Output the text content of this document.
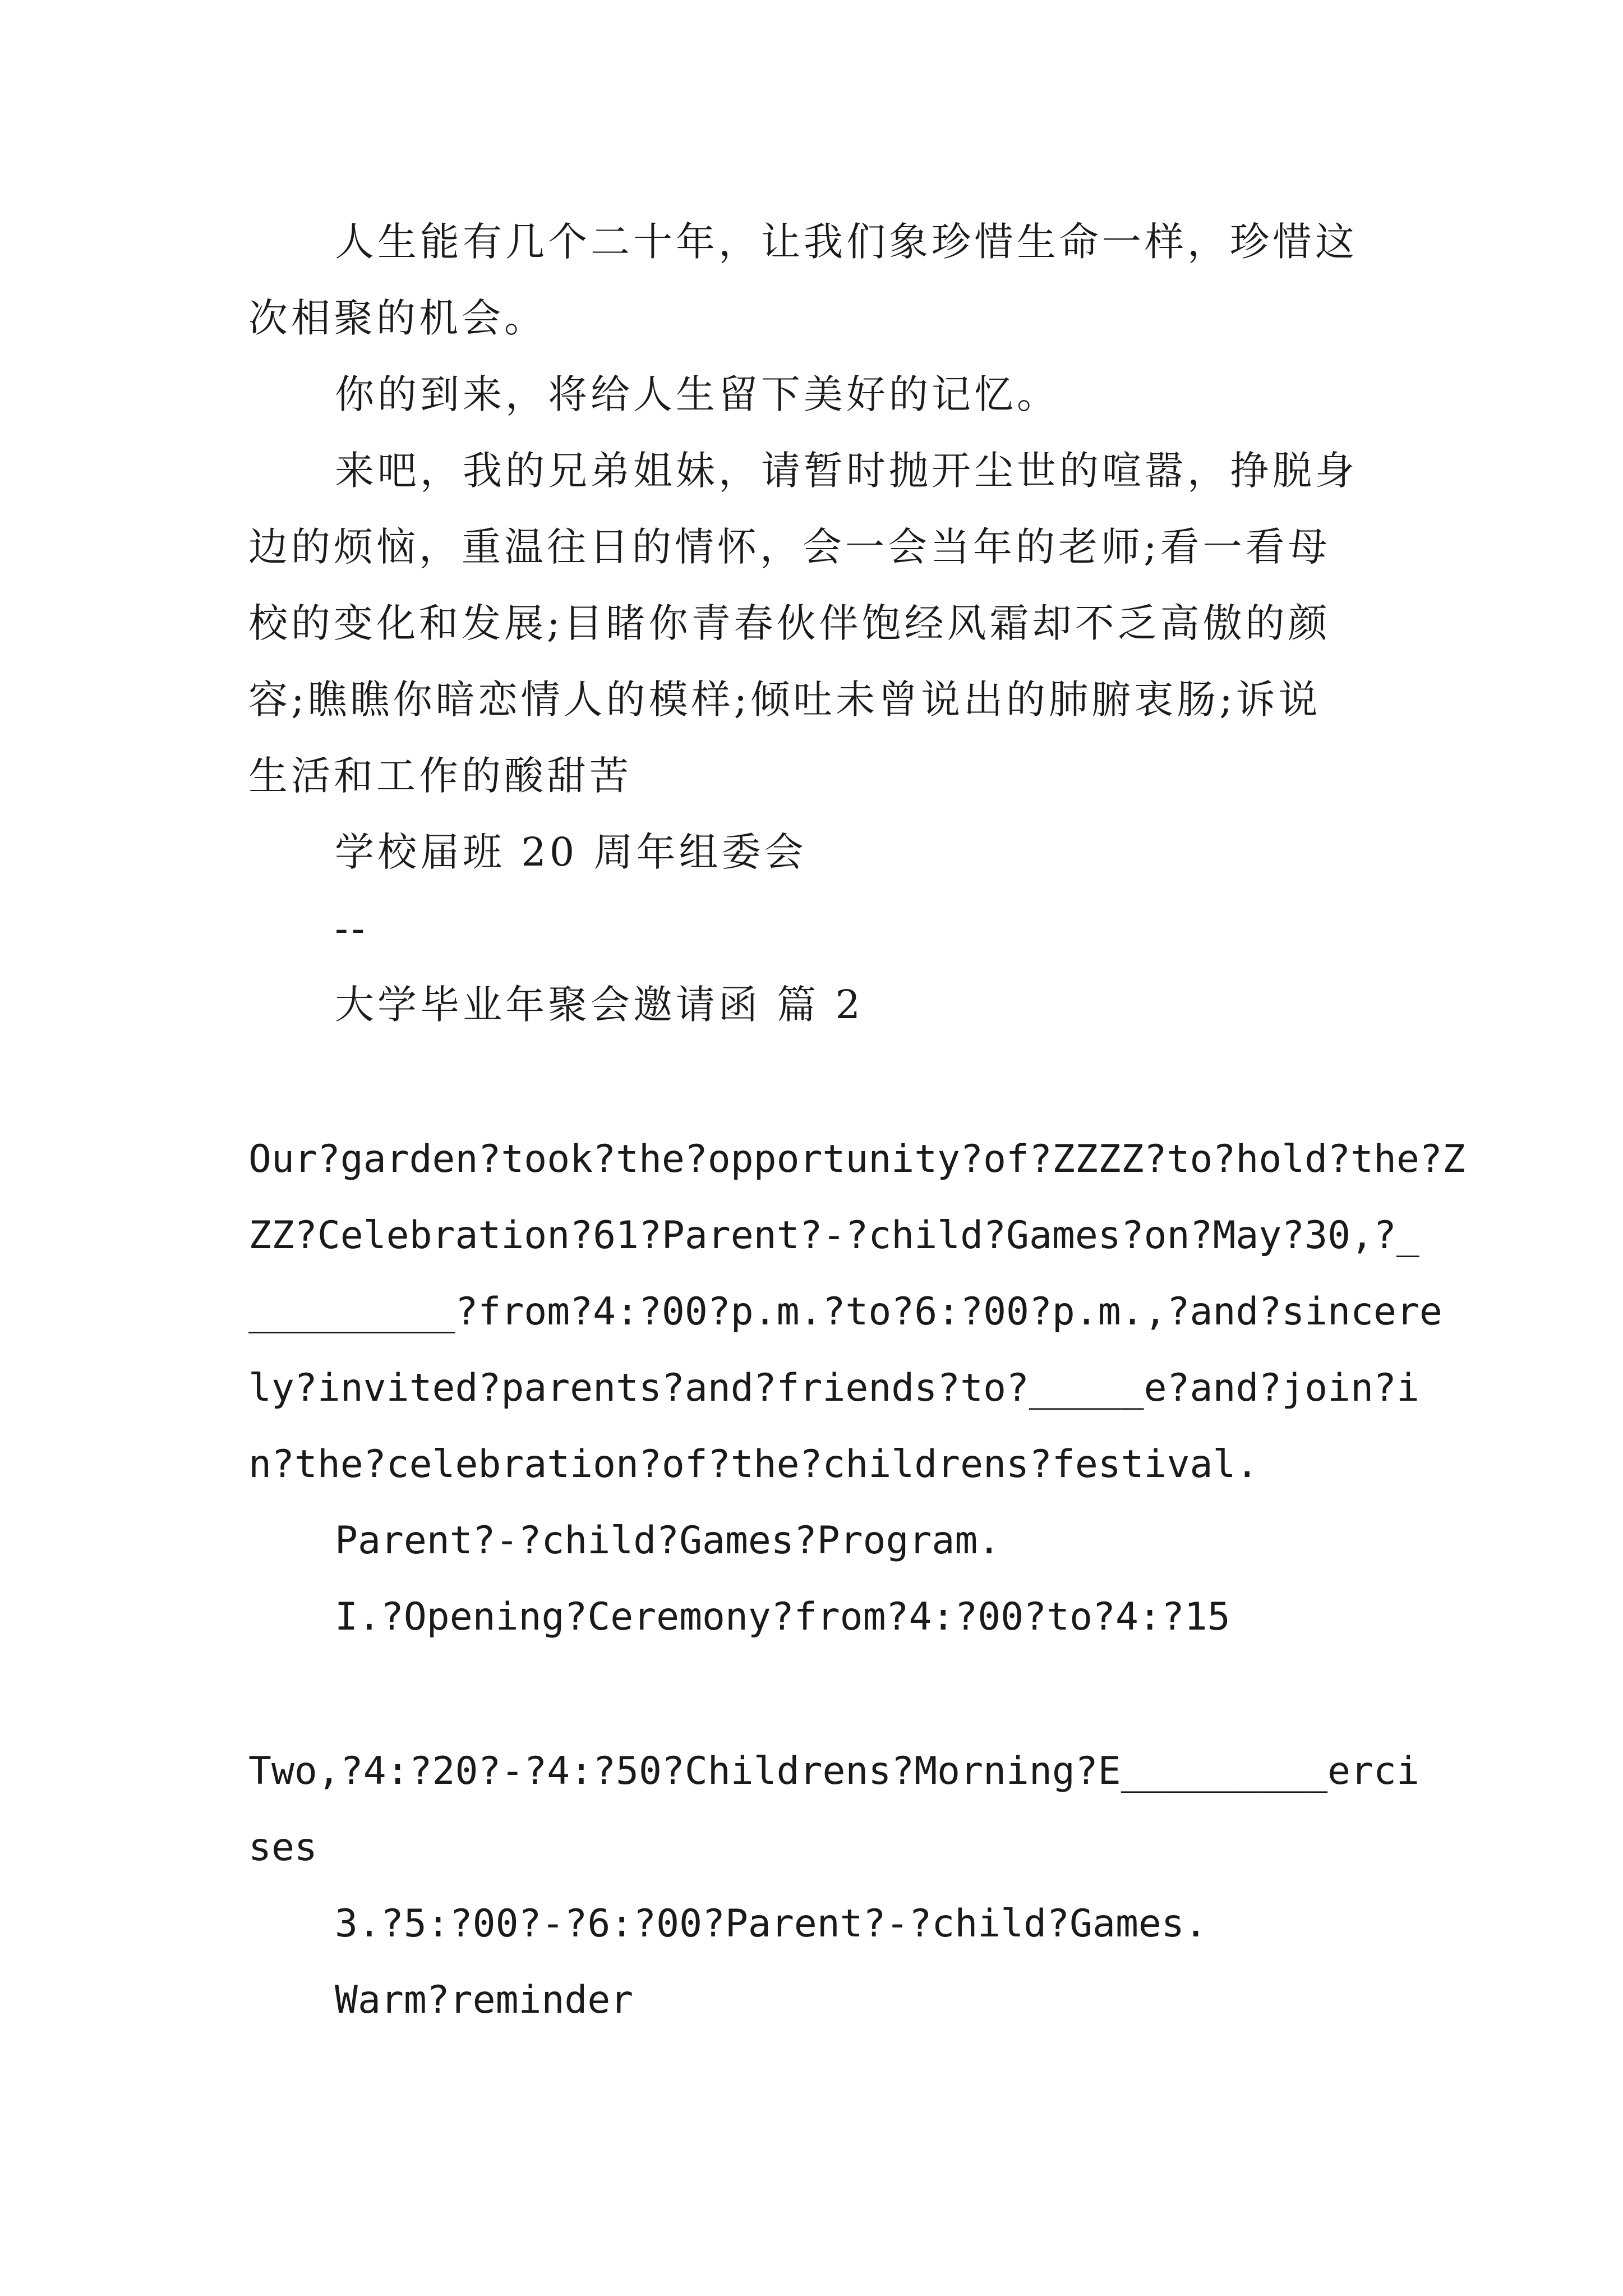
人生能有几个二十年，让我们象珍惜生命一样，珍惜这
次相聚的机会。
你的到来，将给人生留下美好的记忆。
来吧，我的兄弟姐妹，请暂时抛开尘世的喧嚣，挣脱身
边的烦恼，重温往日的情怀，会一会当年的老师;看一看母
校的变化和发展;目睹你青春伙伴饱经风霜却不乏高傲的颜
容;瞧瞧你暗恋情人的模样;倾吐未曾说出的肺腑衷肠;诉说
生活和工作的酸甜苦
学校届班 20 周年组委会
--
大学毕业年聚会邀请函 篇 2
Our?garden?took?the?opportunity?of?ZZZZ?to?hold?the?Z
ZZ?Celebration?61?Parent?-?child?Games?on?May?30,?_
_________?from?4:?00?p.m.?to?6:?00?p.m.,?and?sincere
ly?invited?parents?and?friends?to?_____e?and?join?i
n?the?celebration?of?the?childrens?festival.
Parent?-?child?Games?Program.
I.?Opening?Ceremony?from?4:?00?to?4:?15
Two,?4:?20?-?4:?50?Childrens?Morning?E_________erci
ses
3.?5:?00?-?6:?00?Parent?-?child?Games.
Warm?reminder
